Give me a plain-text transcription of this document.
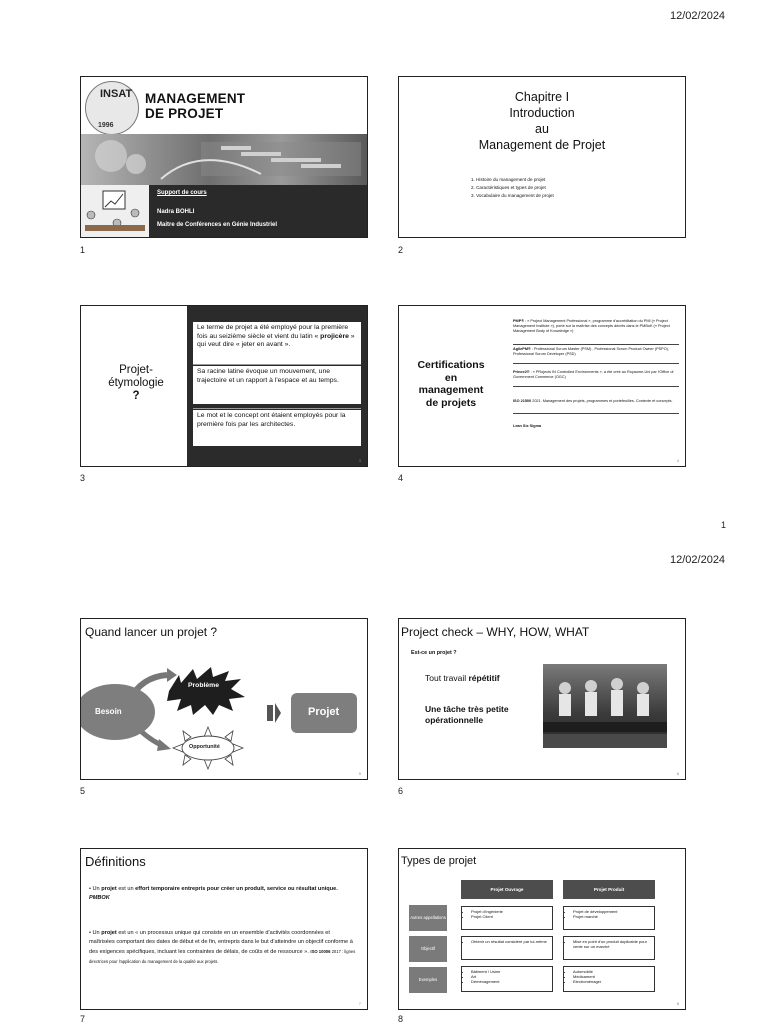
12/02/2024
INSAT
1996
MANAGEMENT
DE PROJET
Support de cours
Nadra BOHLI
Maitre de Conférences en Génie Industriel
1
Chapitre I
Introduction
au
Management de Projet
1. Histoire du management de projet
2. Caractéristiques et types de projet
3. Vocabulaire du management de projet
2
Projet-
étymologie
?
Le terme de projet a été employé pour la première fois au seizième siècle et vient du latin « projicère » qui veut dire « jeter en avant ».
Sa racine latine évoque un mouvement, une trajectoire et un rapport à l'espace et au temps.
Le mot et le concept ont étaient employés pour la première fois par les architectes.
3
3
Certifications
en
management
de projets
PMP® : « Project Management Professional », programme d'accréditation du PMI (« Project Management Institute »), porte sur la maîtrise des concepts décrits dans le PMBoK (« Project Management Body of Knowledge »)
AgilePM® : Professional Scrum Master (PSM) , Professional Scrum Product Owner (PSPO), Professional Scrum Developer (PSD)
Prince2® : « PRojects IN Controlled Environments », a été créé au Royaume-Uni par l'Office of Government Commerce (OGC)
ISO 21500 2021. Management des projets, programmes et portefeuilles. Contexte et concepts.
Lean Six Sigma
4
4
1
12/02/2024
Quand lancer un projet ?
Besoin
Problème
Opportunité
Projet
5
5
Project check – WHY, HOW, WHAT
Est-ce un projet ?
Tout travail répétitif
Une tâche très petite
opérationnelle
6
6
Définitions
• Un projet est un effort temporaire entrepris pour créer un produit, service ou résultat unique. PMBOK
• Un projet est un « un processus unique qui consiste en un ensemble d'activités coordonnées et maîtrisées comportant des dates de début et de fin, entrepris dans le but d'atteindre un objectif conforme à des exigences spécifiques, incluant les contraintes de délais, de coûts et de ressource ». ISO 10006 2017 : lignes directrices pour l'application du management de la qualité aux projets.
7
7
Types de projet
Projet Ouvrage	Projet Produit
Autres appellations
Objectif
Exemples
• Projet d'ingénierie
• Projet Client
• Projet de développement
• Projet marché
• Obtenir un résultat considéré par lui-même
•	Mise en point d'un produit duplicable pour vente sur un marché
• Bâtiment / Usine
• Art
• Déménagement
• Automobile
• Médicament
• Electroménager
8
8
